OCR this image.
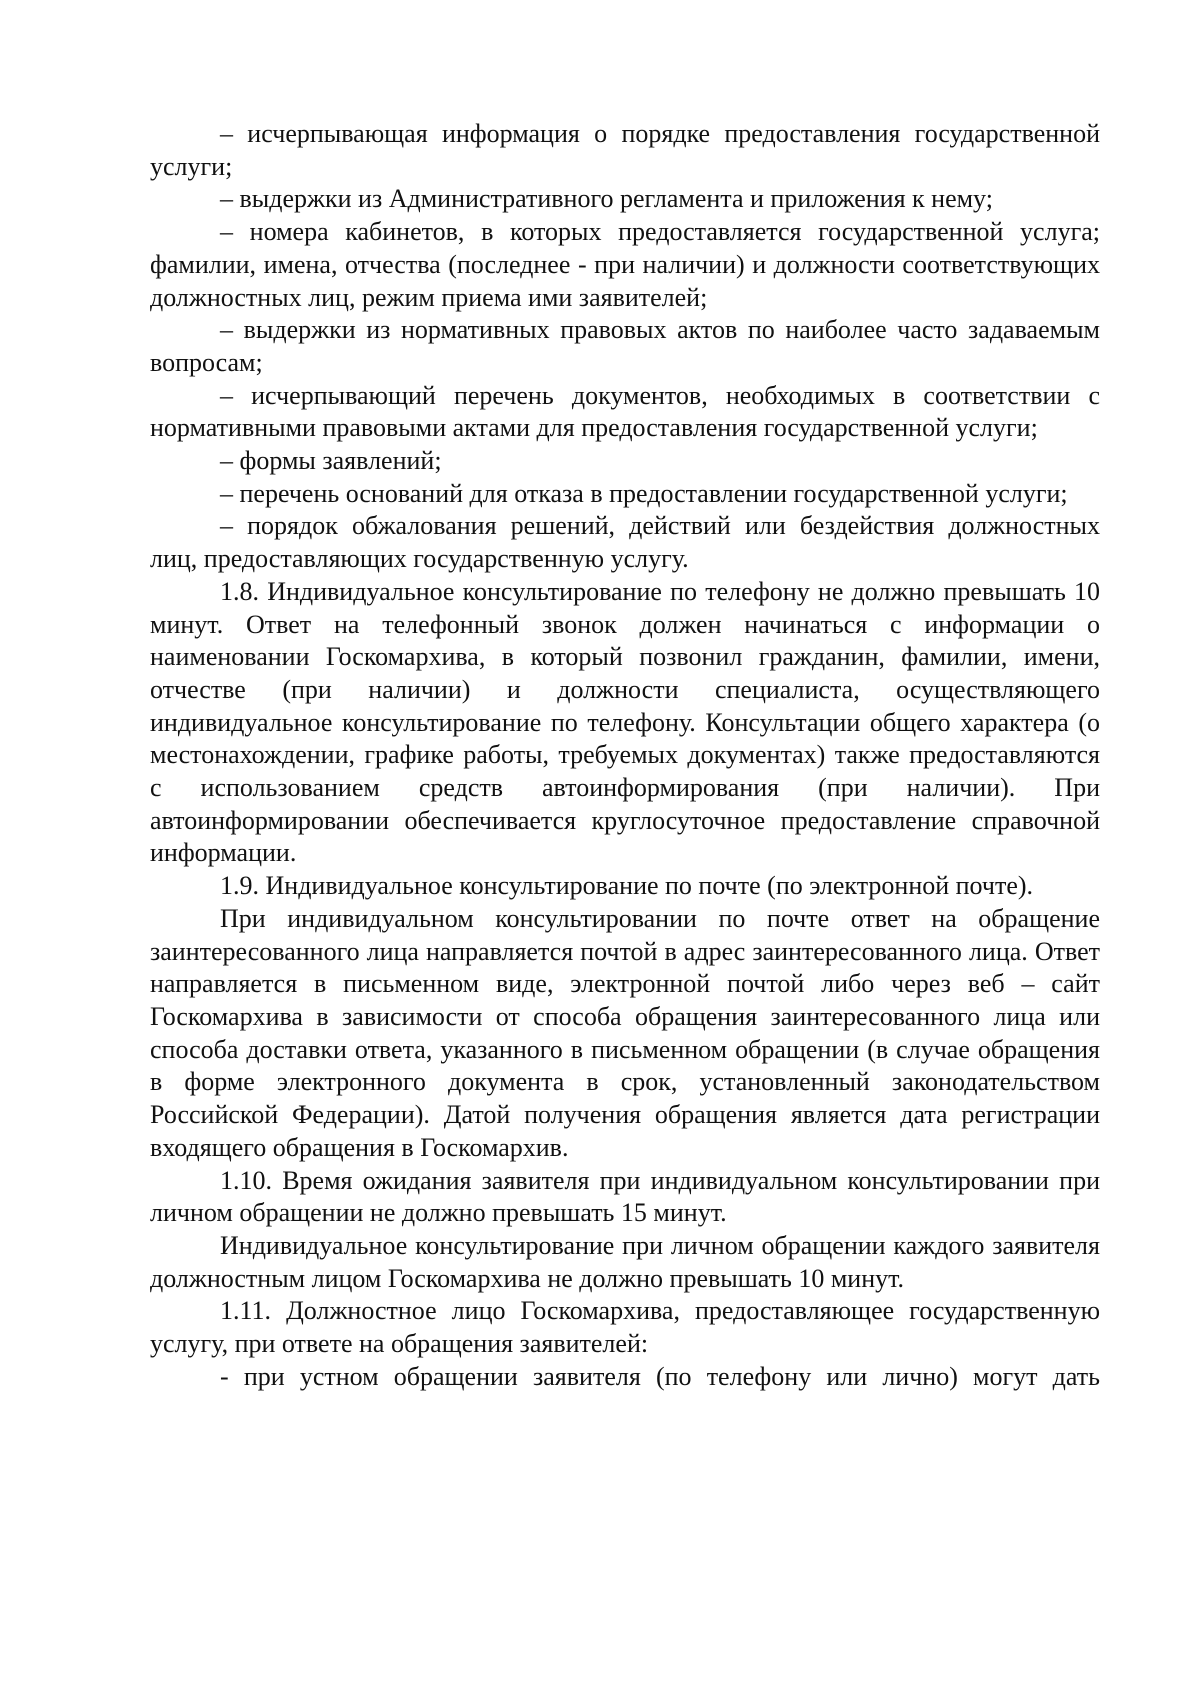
– исчерпывающая информация о порядке предоставления государственной услуги;

– выдержки из Административного регламента и приложения к нему;

– номера кабинетов, в которых предоставляется государственной услуга; фамилии, имена, отчества (последнее - при наличии) и должности соответствующих должностных лиц, режим приема ими заявителей;

– выдержки из нормативных правовых актов по наиболее часто задаваемым вопросам;

– исчерпывающий перечень документов, необходимых в соответствии с нормативными правовыми актами для предоставления государственной услуги;

– формы заявлений;

– перечень оснований для отказа в предоставлении государственной услуги;

– порядок обжалования решений, действий или бездействия должностных лиц, предоставляющих государственную услугу.

1.8. Индивидуальное консультирование по телефону не должно превышать 10 минут. Ответ на телефонный звонок должен начинаться с информации о наименовании Госкомархива, в который позвонил гражданин, фамилии, имени, отчестве (при наличии) и должности специалиста, осуществляющего индивидуальное консультирование по телефону. Консультации общего характера (о местонахождении, графике работы, требуемых документах) также предоставляются с использованием средств автоинформирования (при наличии). При автоинформировании обеспечивается круглосуточное предоставление справочной информации.

1.9. Индивидуальное консультирование по почте (по электронной почте).

При индивидуальном консультировании по почте ответ на обращение заинтересованного лица направляется почтой в адрес заинтересованного лица. Ответ направляется в письменном виде, электронной почтой либо через веб – сайт Госкомархива в зависимости от способа обращения заинтересованного лица или способа доставки ответа, указанного в письменном обращении (в случае обращения в форме электронного документа в срок, установленный законодательством Российской Федерации). Датой получения обращения является дата регистрации входящего обращения в Госкомархив.

1.10. Время ожидания заявителя при индивидуальном консультировании при личном обращении не должно превышать 15 минут.

Индивидуальное консультирование при личном обращении каждого заявителя должностным лицом Госкомархива не должно превышать 10 минут.

1.11. Должностное лицо Госкомархива, предоставляющее государственную услугу, при ответе на обращения заявителей:

- при устном обращении заявителя (по телефону или лично) могут дать
